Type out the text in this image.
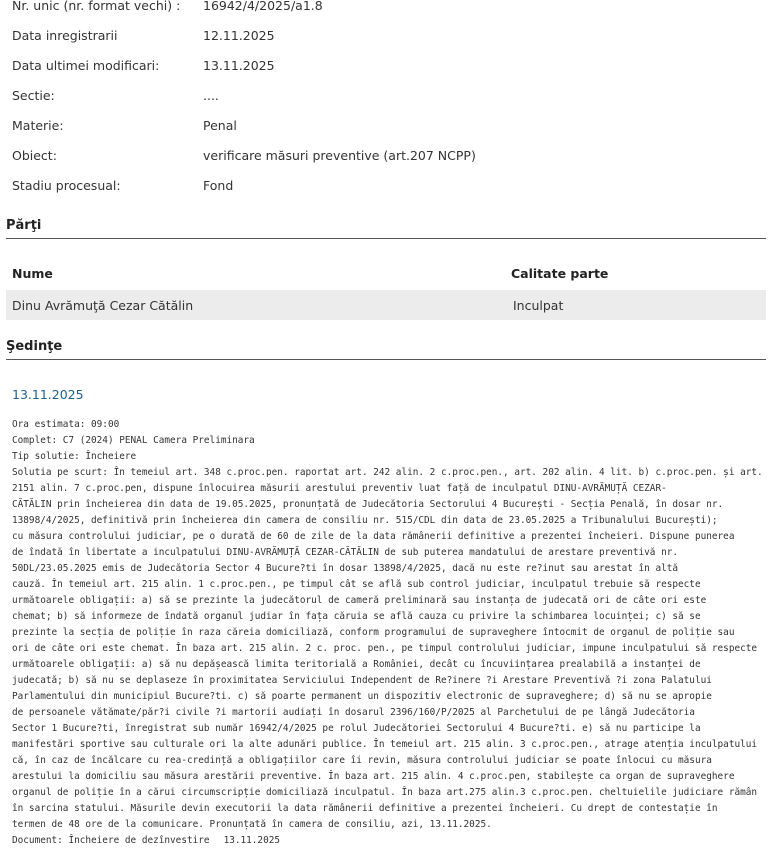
Nr. unic (nr. format vechi) :	16942/4/2025/a1.8
Data inregistrarii	12.11.2025
Data ultimei modificari:	13.11.2025
Sectie:	....
Materie:	Penal
Obiect:	verificare măsuri preventive (art.207 NCPP)
Stadiu procesual:	Fond
Părţi
Nume	Calitate parte
Dinu Avrămuţă Cezar Cătălin	Inculpat
Şedinţe
13.11.2025
Ora estimata: 09:00
Complet: C7 (2024) PENAL Camera Preliminara
Tip solutie: Încheiere
Solutia pe scurt: În temeiul art. 348 c.proc.pen. raportat art. 242 alin. 2 c.proc.pen., art. 202 alin. 4 lit. b) c.proc.pen. și art.
2151 alin. 7 c.proc.pen, dispune înlocuirea măsurii arestului preventiv luat față de inculpatul DINU-AVRĂMUȚĂ CEZAR-
CĂTĂLIN prin încheierea din data de 19.05.2025, pronunțată de Judecătoria Sectorului 4 București - Secția Penală, în dosar nr.
13898/4/2025, definitivă prin încheierea din camera de consiliu nr. 515/CDL din data de 23.05.2025 a Tribunalului București);
cu măsura controlului judiciar, pe o durată de 60 de zile de la data rămânerii definitive a prezentei încheieri. Dispune punerea
de îndată în libertate a inculpatului DINU-AVRĂMUȚĂ CEZAR-CĂTĂLIN de sub puterea mandatului de arestare preventivă nr.
50DL/23.05.2025 emis de Judecătoria Sector 4 Bucure?ti în dosar 13898/4/2025, dacă nu este re?inut sau arestat în altă
cauză. În temeiul art. 215 alin. 1 c.proc.pen., pe timpul cât se află sub control judiciar, inculpatul trebuie să respecte
următoarele obligații: a) să se prezinte la judecătorul de cameră preliminară sau instanța de judecată ori de câte ori este
chemat; b) să informeze de îndată organul judiar în fața căruia se află cauza cu privire la schimbarea locuinței; c) să se
prezinte la secția de poliție în raza căreia domiciliază, conform programului de supraveghere întocmit de organul de poliție sau
ori de câte ori este chemat. În baza art. 215 alin. 2 c. proc. pen., pe timpul controlului judiciar, impune inculpatului să respecte
următoarele obligații: a) să nu depășească limita teritorială a României, decât cu încuviințarea prealabilă a instanței de
judecată; b) să nu se deplaseze în proximitatea Serviciului Independent de Re?inere ?i Arestare Preventivă ?i zona Palatului
Parlamentului din municipiul Bucure?ti. c) să poarte permanent un dispozitiv electronic de supraveghere; d) să nu se apropie
de persoanele vătămate/păr?i civile ?i martorii audiați în dosarul 2396/160/P/2025 al Parchetului de pe lângă Judecătoria
Sector 1 Bucure?ti, înregistrat sub număr 16942/4/2025 pe rolul Judecătoriei Sectorului 4 Bucure?ti. e) să nu participe la
manifestări sportive sau culturale ori la alte adunări publice. În temeiul art. 215 alin. 3 c.proc.pen., atrage atenția inculpatului
că, în caz de încălcare cu rea-credință a obligațiilor care îi revin, măsura controlului judiciar se poate înlocui cu măsura
arestului la domiciliu sau măsura arestării preventive. În baza art. 215 alin. 4 c.proc.pen, stabilește ca organ de supraveghere
organul de poliție în a cărui circumscripție domiciliază inculpatul. În baza art.275 alin.3 c.proc.pen. cheltuielile judiciare rămân
în sarcina statului. Măsurile devin executorii la data rămânerii definitive a prezentei încheieri. Cu drept de contestație în
termen de 48 ore de la comunicare. Pronunțată în camera de consiliu, azi, 13.11.2025.
Document: Încheiere de dezînvestire 13.11.2025
